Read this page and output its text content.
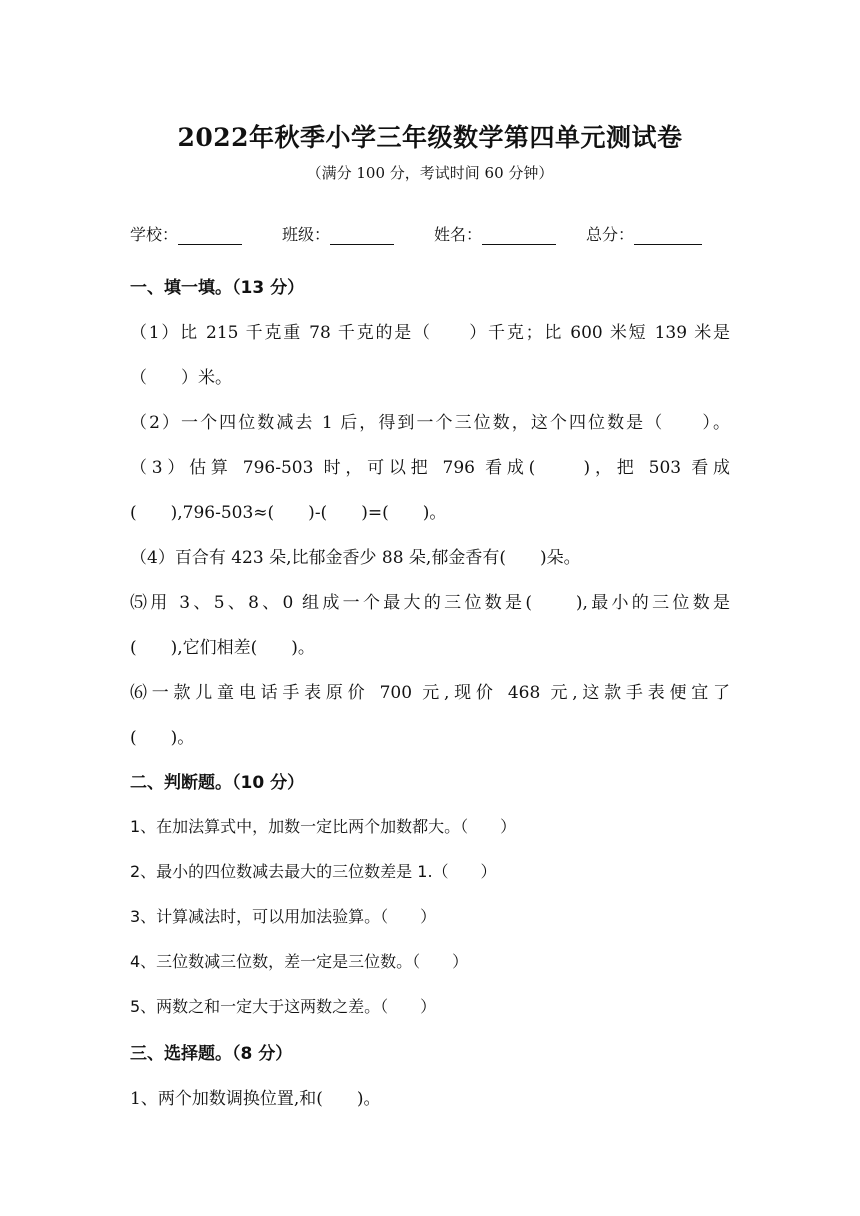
2022年秋季小学三年级数学第四单元测试卷
（满分 100 分，考试时间 60 分钟）
学校：	班级：	姓名：	总分：
一、填一填。（13 分）
（1）比 215 千克重 78 千克的是（　　）千克；比 600 米短 139 米是
（　　）米。
（2）一个四位数减去 1 后，得到一个三位数，这个四位数是（　　）。
（3）估算 796-503 时，可以把 796 看成(　　)，把 503 看成
(　　),796-503≈(　　)-(　　)=(　　)。
（4）百合有 423 朵,比郁金香少 88 朵,郁金香有(　　)朵。
⑸用 3、5、8、0 组成一个最大的三位数是(　　),最小的三位数是
(　　),它们相差(　　)。
⑹一款儿童电话手表原价 700 元,现价 468 元,这款手表便宜了
(　　)。
二、判断题。（10 分）
1、在加法算式中，加数一定比两个加数都大。（　　）
2、最小的四位数减去最大的三位数差是 1.（　　）
3、计算减法时，可以用加法验算。（　　）
4、三位数减三位数，差一定是三位数。（　　）
5、两数之和一定大于这两数之差。（　　）
三、选择题。（8 分）
1、两个加数调换位置,和(　　)。
